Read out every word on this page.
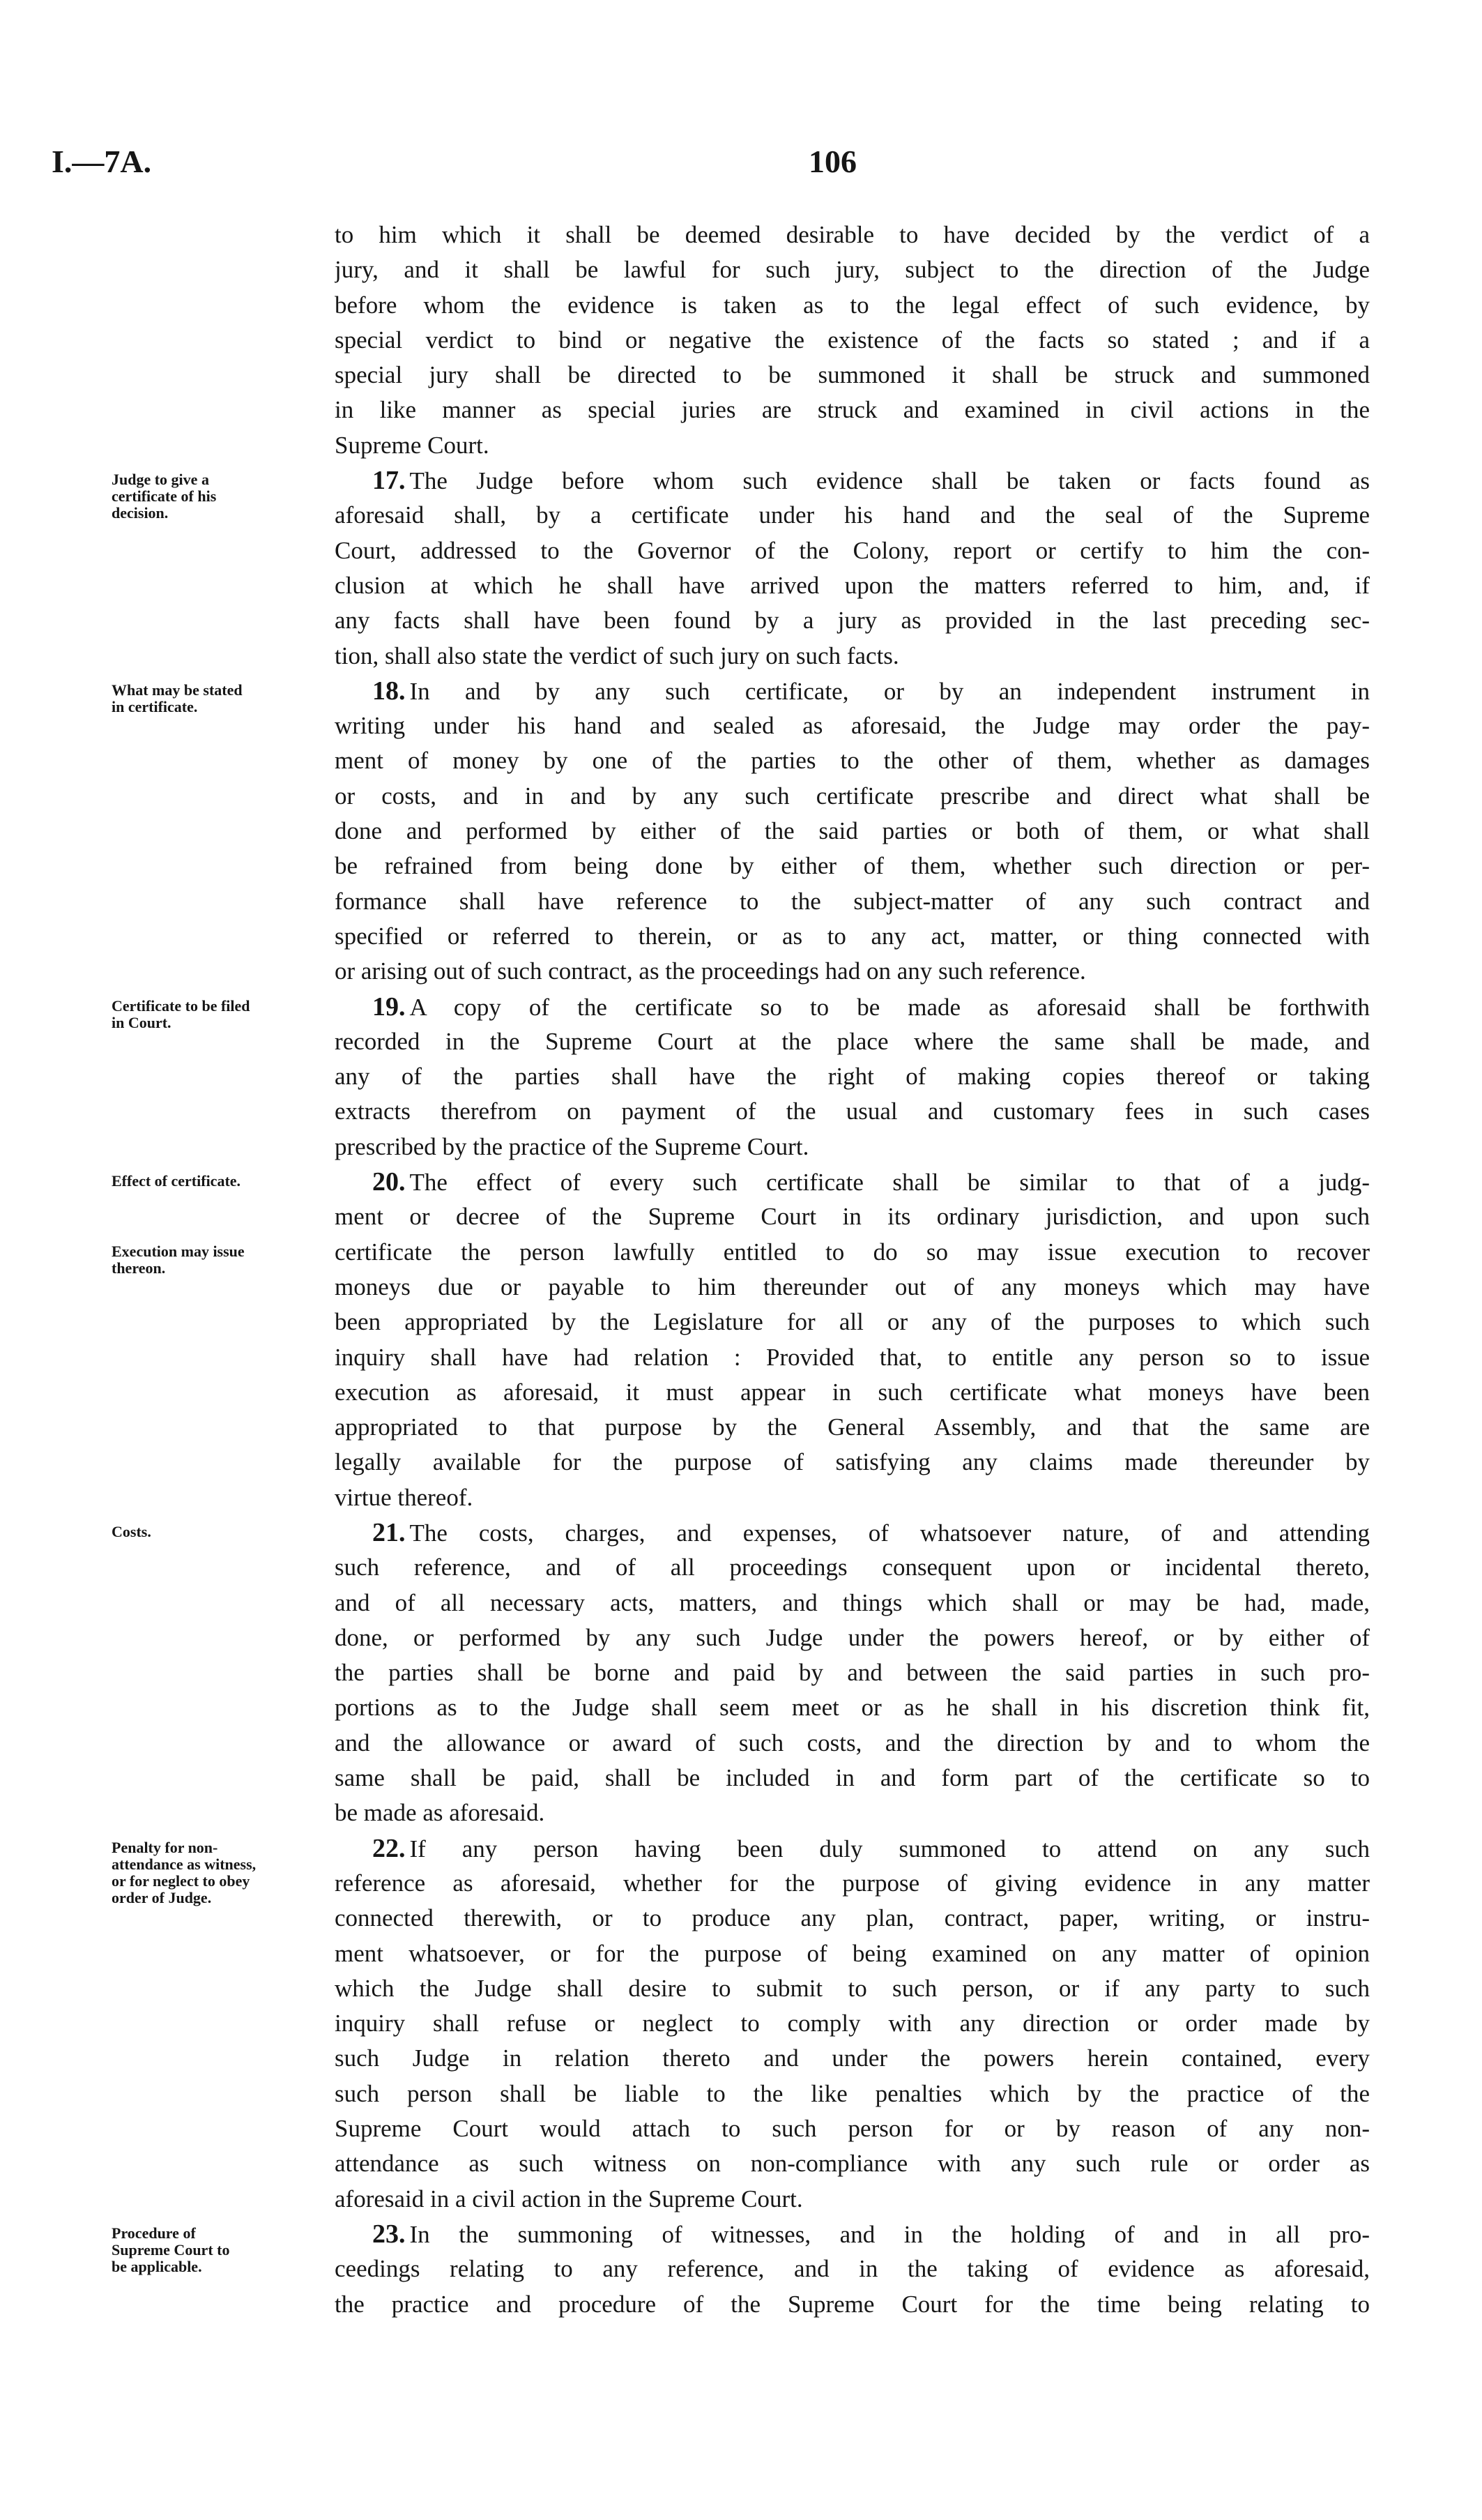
I.—7A.	106
to him which it shall be deemed desirable to have decided by the verdict of a
jury, and it shall be lawful for such jury, subject to the direction of the Judge
before whom the evidence is taken as to the legal effect of such evidence, by
special verdict to bind or negative the existence of the facts so stated ; and if a
special jury shall be directed to be summoned it shall be struck and summoned
in like manner as special juries are struck and examined in civil actions in the
Supreme Court.
17. The Judge before whom such evidence shall be taken or facts found as
aforesaid shall, by a certificate under his hand and the seal of the Supreme
Court, addressed to the Governor of the Colony, report or certify to him the con-
clusion at which he shall have arrived upon the matters referred to him, and, if
any facts shall have been found by a jury as provided in the last preceding sec-
tion, shall also state the verdict of such jury on such facts.
18. In and by any such certificate, or by an independent instrument in
writing under his hand and sealed as aforesaid, the Judge may order the pay-
ment of money by one of the parties to the other of them, whether as damages
or costs, and in and by any such certificate prescribe and direct what shall be
done and performed by either of the said parties or both of them, or what shall
be refrained from being done by either of them, whether such direction or per-
formance shall have reference to the subject-matter of any such contract and
specified or referred to therein, or as to any act, matter, or thing connected with
or arising out of such contract, as the proceedings had on any such reference.
19. A copy of the certificate so to be made as aforesaid shall be forthwith
recorded in the Supreme Court at the place where the same shall be made, and
any of the parties shall have the right of making copies thereof or taking
extracts therefrom on payment of the usual and customary fees in such cases
prescribed by the practice of the Supreme Court.
20. The effect of every such certificate shall be similar to that of a judg-
ment or decree of the Supreme Court in its ordinary jurisdiction, and upon such
certificate the person lawfully entitled to do so may issue execution to recover
moneys due or payable to him thereunder out of any moneys which may have
been appropriated by the Legislature for all or any of the purposes to which such
inquiry shall have had relation : Provided that, to entitle any person so to issue
execution as aforesaid, it must appear in such certificate what moneys have been
appropriated to that purpose by the General Assembly, and that the same are
legally available for the purpose of satisfying any claims made thereunder by
virtue thereof.
21. The costs, charges, and expenses, of whatsoever nature, of and attending
such reference, and of all proceedings consequent upon or incidental thereto,
and of all necessary acts, matters, and things which shall or may be had, made,
done, or performed by any such Judge under the powers hereof, or by either of
the parties shall be borne and paid by and between the said parties in such pro-
portions as to the Judge shall seem meet or as he shall in his discretion think fit,
and the allowance or award of such costs, and the direction by and to whom the
same shall be paid, shall be included in and form part of the certificate so to
be made as aforesaid.
22. If any person having been duly summoned to attend on any such
reference as aforesaid, whether for the purpose of giving evidence in any matter
connected therewith, or to produce any plan, contract, paper, writing, or instru-
ment whatsoever, or for the purpose of being examined on any matter of opinion
which the Judge shall desire to submit to such person, or if any party to such
inquiry shall refuse or neglect to comply with any direction or order made by
such Judge in relation thereto and under the powers herein contained, every
such person shall be liable to the like penalties which by the practice of the
Supreme Court would attach to such person for or by reason of any non-
attendance as such witness on non-compliance with any such rule or order as
aforesaid in a civil action in the Supreme Court.
23. In the summoning of witnesses, and in the holding of and in all pro-
ceedings relating to any reference, and in the taking of evidence as aforesaid,
the practice and procedure of the Supreme Court for the time being relating to
Judge to give a
certificate of his
decision.
What may be stated
in certificate.
Certificate to be filed
in Court.
Effect of certificate.
Execution may issue
thereon.
Costs.
Penalty for non-
attendance as witness,
or for neglect to obey
order of Judge.
Procedure of
Supreme Court to
be applicable.
